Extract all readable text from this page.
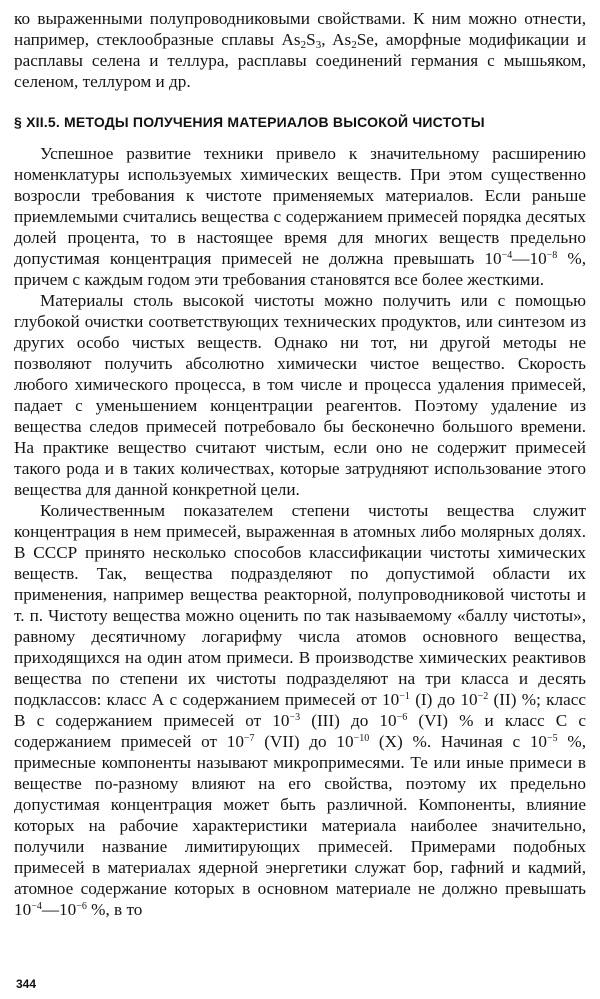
ко выраженными полупроводниковыми свойствами. К ним можно отнести, например, стеклообразные сплавы $As_2S_3$, $As_2Se$, аморфные модификации и расплавы селена и теллура, расплавы соединений германия с мышьяком, селеном, теллуром и др.

§ XII.5. МЕТОДЫ ПОЛУЧЕНИЯ МАТЕРИАЛОВ ВЫСОКОЙ ЧИСТОТЫ

Успешное развитие техники привело к значительному расширению номенклатуры используемых химических веществ. При этом существенно возросли требования к чистоте применяемых материалов. Если раньше приемлемыми считались вещества с содержанием примесей порядка десятых долей процента, то в настоящее время для многих веществ предельно допустимая концентрация примесей не должна превышать $10^{-4}—10^{-8}$ %, причем с каждым годом эти требования становятся все более жесткими.

Материалы столь высокой чистоты можно получить или с помощью глубокой очистки соответствующих технических продуктов, или синтезом из других особо чистых веществ. Однако ни тот, ни другой методы не позволяют получить абсолютно химически чистое вещество. Скорость любого химического процесса, в том числе и процесса удаления примесей, падает с уменьшением концентрации реагентов. Поэтому удаление из вещества следов примесей потребовало бы бесконечно большого времени. На практике вещество считают чистым, если оно не содержит примесей такого рода и в таких количествах, которые затрудняют использование этого вещества для данной конкретной цели.

Количественным показателем степени чистоты вещества служит концентрация в нем примесей, выраженная в атомных либо молярных долях. В СССР принято несколько способов классификации чистоты химических веществ. Так, вещества подразделяют по допустимой области их применения, например вещества реакторной, полупроводниковой чистоты и т. п. Чистоту вещества можно оценить по так называемому «баллу чистоты», равному десятичному логарифму числа атомов основного вещества, приходящихся на один атом примеси. В производстве химических реактивов вещества по степени их чистоты подразделяют на три класса и десять подклассов: класс А с содержанием примесей от $10^{-1}$ (I) до $10^{-2}$ (II) %; класс В с содержанием примесей от $10^{-3}$ (III) до $10^{-6}$ (VI) % и класс С с содержанием примесей от $10^{-7}$ (VII) до $10^{-10}$ (X) %. Начиная с $10^{-5}$ %, примесные компоненты называют микропримесями. Те или иные примеси в веществе по-разному влияют на его свойства, поэтому их предельно допустимая концентрация может быть различной. Компоненты, влияние которых на рабочие характеристики материала наиболее значительно, получили название лимитирующих примесей. Примерами подобных примесей в материалах ядерной энергетики служат бор, гафний и кадмий, атомное содержание которых в основном материале не должно превышать $10^{-4}—10^{-6}$ %, в то

344
